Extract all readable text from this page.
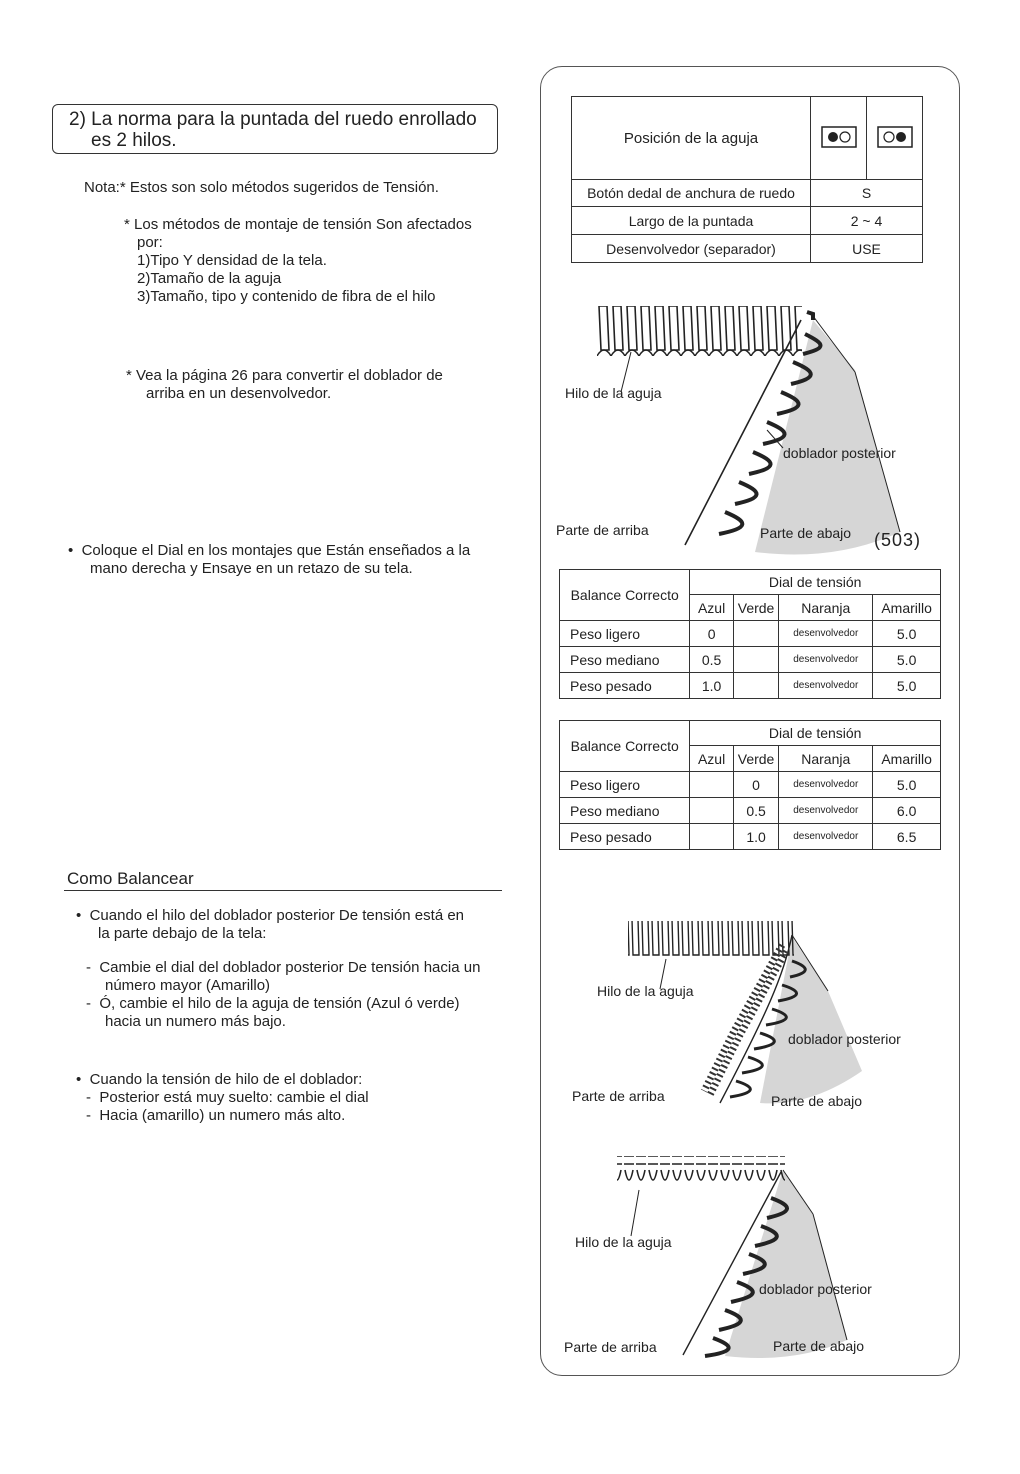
2) La norma para la puntada del ruedo enrollado
es 2 hilos.
Nota:* Estos son solo métodos sugeridos de Tensión.
* Los métodos de montaje de tensión Son afectados
por:
1)Tipo Y densidad de la tela.
2)Tamaño de la aguja
3)Tamaño, tipo y contenido de fibra de el hilo
* Vea la página 26 para convertir el doblador de
arriba en un desenvolvedor.
•  Coloque el Dial en los montajes que Están enseñados a la
mano derecha y Ensaye en un retazo de su tela.
Como Balancear
•  Cuando el hilo del doblador posterior De tensión está en
la parte debajo de la tela:
-  Cambie el dial del doblador posterior De tensión hacia un
número mayor (Amarillo)
-  Ó, cambie el hilo de la aguja de tensión (Azul ó verde)
hacia un numero más bajo.
•  Cuando la tensión de hilo de el doblador:
-  Posterior está muy suelto: cambie el dial
-  Hacia (amarillo) un numero más alto.
Posición de la aguja		
Botón dedal de anchura de ruedo	S	
Largo de la puntada	2 ~ 4	
Desenvolvedor (separador)	USE	
Hilo de la aguja
doblador posterior
Parte de arriba	Parte de abajo (503)
Balance Correcto	Dial de tensión			
	Azul	Verde	Naranja	Amarillo
Peso ligero	0		desenvolvedor	5.0
Peso mediano	0.5		desenvolvedor	5.0
Peso pesado	1.0		desenvolvedor	5.0
Balance Correcto	Dial de tensión			
	Azul	Verde	Naranja	Amarillo
Peso ligero		0	desenvolvedor	5.0
Peso mediano		0.5	desenvolvedor	6.0
Peso pesado		1.0	desenvolvedor	6.5
Hilo de la aguja
doblador posterior
Parte de arriba	Parte de abajo
Hilo de la aguja
doblador posterior
Parte de arriba	Parte de abajo
